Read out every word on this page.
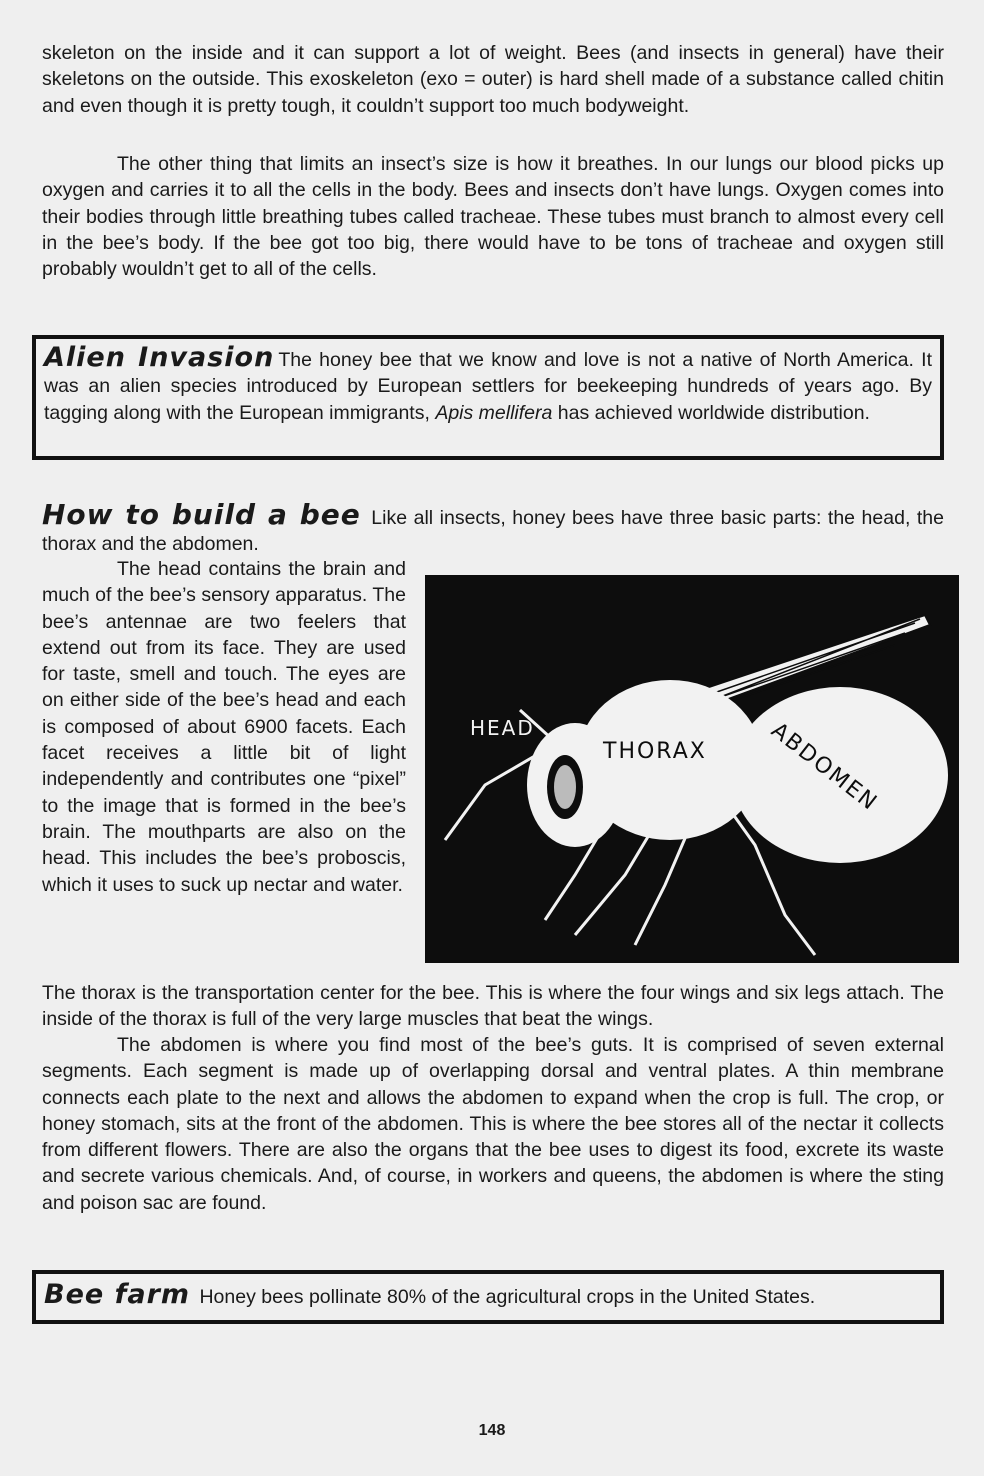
skeleton on the inside and it can support a lot of weight. Bees (and insects in general) have their skeletons on the outside. This exoskeleton (exo = outer) is hard shell made of a substance called chitin and even though it is pretty tough, it couldn’t support too much bodyweight.

The other thing that limits an insect’s size is how it breathes. In our lungs our blood picks up oxygen and carries it to all the cells in the body. Bees and insects don’t have lungs. Oxygen comes into their bodies through little breathing tubes called tracheae. These tubes must branch to almost every cell in the bee’s body. If the bee got too big, there would have to be tons of tracheae and oxygen still probably wouldn’t get to all of the cells.

Alien Invasion The honey bee that we know and love is not a native of North America. It was an alien species introduced by European settlers for beekeeping hundreds of years ago. By tagging along with the European immigrants, Apis mellifera has achieved worldwide distribution.

How to build a bee Like all insects, honey bees have three basic parts: the head, the thorax and the abdomen.

The head contains the brain and much of the bee’s sensory apparatus. The bee’s antennae are two feelers that extend out from its face. They are used for taste, smell and touch. The eyes are on either side of the bee’s head and each is composed of about 6900 facets. Each facet receives a little bit of light independently and contributes one “pixel” to the image that is formed in the bee’s brain. The mouthparts are also on the head. This includes the bee’s proboscis, which it uses to suck up nectar and water.

HEAD
THORAX	ABDOMEN

The thorax is the transportation center for the bee. This is where the four wings and six legs attach. The inside of the thorax is full of the very large muscles that beat the wings.

The abdomen is where you find most of the bee’s guts. It is comprised of seven external segments. Each segment is made up of overlapping dorsal and ventral plates. A thin membrane connects each plate to the next and allows the abdomen to expand when the crop is full. The crop, or honey stomach, sits at the front of the abdomen. This is where the bee stores all of the nectar it collects from different flowers. There are also the organs that the bee uses to digest its food, excrete its waste and secrete various chemicals. And, of course, in workers and queens, the abdomen is where the sting and poison sac are found.

Bee farm Honey bees pollinate 80% of the agricultural crops in the United States.

148
